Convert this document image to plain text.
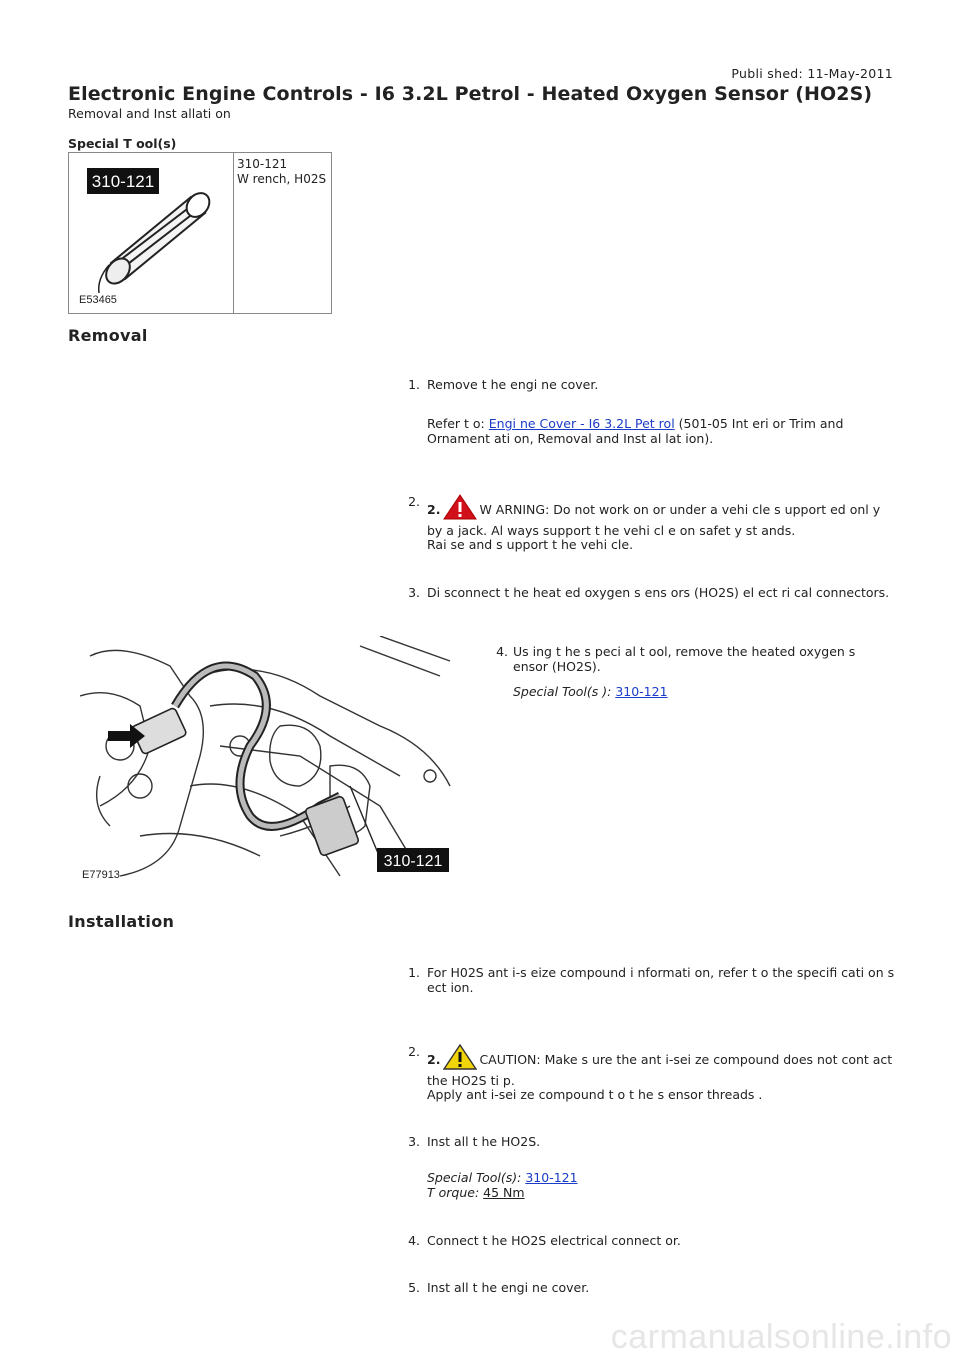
Publi shed: 11-May-2011
Electronic Engine Controls - I6 3.2L Petrol - Heated Oxygen Sensor (HO2S)
Removal and Inst allati on
Special T ool(s)
310-121
E53465
310-121
W rench, H02S
Removal
1. Remove t he engi ne cover.
Refer t o: Engi ne Cover - I6 3.2L Pet rol (501-05 Int eri or Trim and Ornament ati on, Removal and Inst al lat ion).
2.
2.	W ARNING: Do not work on or under a vehi cle s upport ed onl y by a jack. Al ways support t he vehi cl e on safet y st ands.
Rai se and s upport t he vehi cle.
3. Di sconnect t he heat ed oxygen s ens ors (HO2S) el ect ri cal connectors.
4. Us ing t he s peci al t ool, remove the heated oxygen s ensor (HO2S).
Special Tool(s ): 310-121
310-121
E77913
Installation
1. For H02S ant i-s eize compound i nformati on, refer t o the specifi cati on s ect ion.
2.
2.	CAUTION: Make s ure the ant i-sei ze compound does not cont act the HO2S ti p.
Apply ant i-sei ze compound t o t he s ensor threads .
3. Inst all t he HO2S.
Special Tool(s): 310-121
T orque: 45 Nm
4. Connect t he HO2S electrical connect or.
5. Inst all t he engi ne cover.
carmanualsonline.info
